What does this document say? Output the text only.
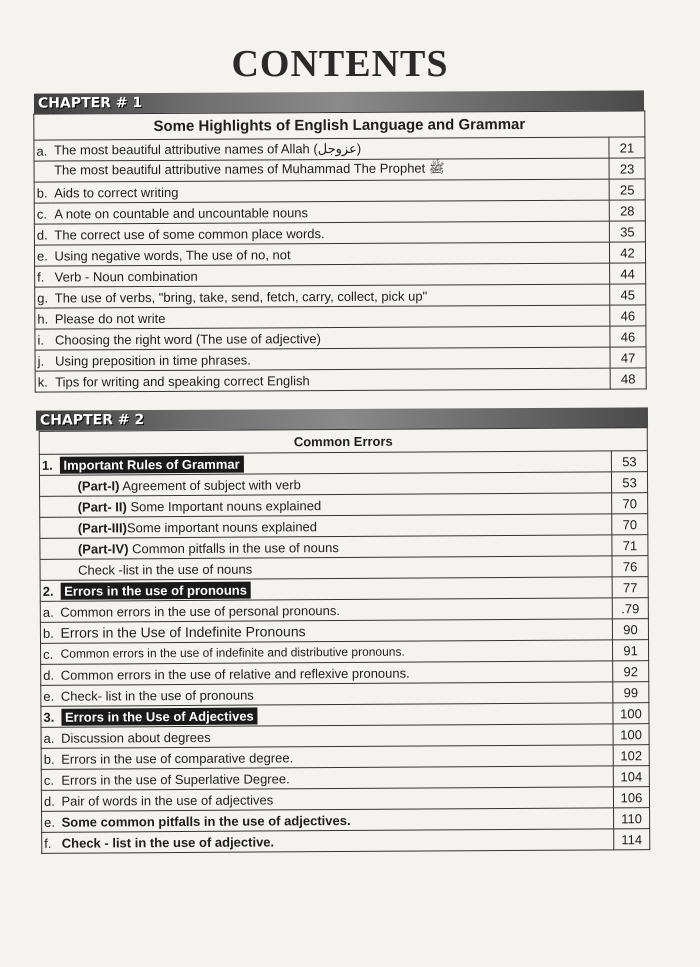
CONTENTS
CHAPTER # 1
Some Highlights of English Language and Grammar		
a.	The most beautiful attributive names of Allah (عزوجل)	21
	The most beautiful attributive names of Muhammad The Prophet ﷺ	23
b.	Aids to correct writing	25
c.	A note on countable and uncountable nouns	28
d.	The correct use of some common place words.	35
e.	Using negative words, The use of no, not	42
f.	Verb - Noun combination	44
g.	The use of verbs, "bring, take, send, fetch, carry, collect, pick up"	45
h.	Please do not write	46
i.	Choosing the right word (The use of adjective)	46
j.	Using preposition in time phrases.	47
k.	Tips for writing and speaking correct English	48
CHAPTER # 2
Common Errors		
1.	Important Rules of Grammar	53
	(Part-I) Agreement of subject with verb	53
	(Part- II) Some Important nouns explained	70
	(Part-III)Some important nouns explained	70
	(Part-IV) Common pitfalls in the use of nouns	71
	Check -list in the use of nouns	76
2.	Errors in the use of pronouns	77
a.	Common errors in the use of personal pronouns.	.79
b.	Errors in the Use of Indefinite Pronouns	90
c.	Common errors in the use of indefinite and distributive pronouns.	91
d.	Common errors in the use of relative and reflexive pronouns.	92
e.	Check- list in the use of pronouns	99
3.	Errors in the Use of Adjectives	100
a.	Discussion about degrees	100
b.	Errors in the use of comparative degree.	102
c.	Errors in the use of Superlative Degree.	104
d.	Pair of words in the use of adjectives	106
e.	Some common pitfalls in the use of adjectives.	110
f.	Check - list in the use of adjective.	114
